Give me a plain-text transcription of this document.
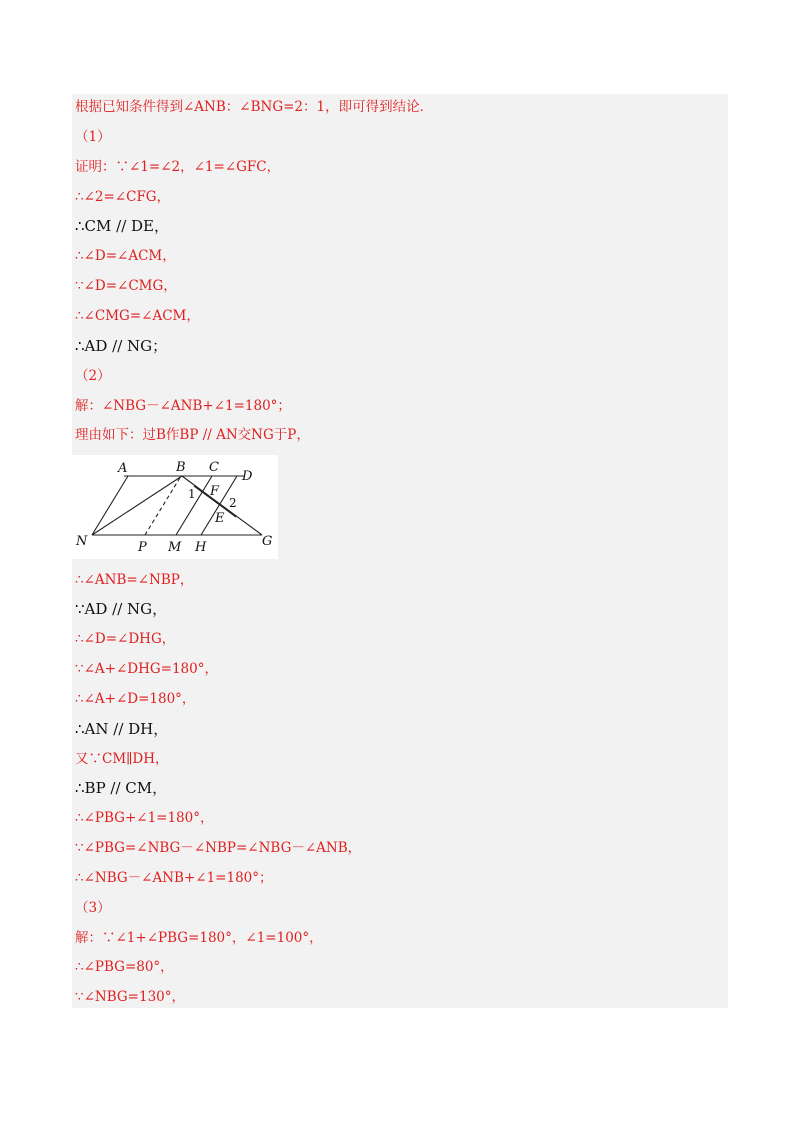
根据已知条件得到∠ANB：∠BNG=2：1，即可得到结论．
（1）
证明：∵∠1=∠2，∠1=∠GFC，
∴∠2=∠CFG，
∴CM // DE，
∴∠D=∠ACM，
∵∠D=∠CMG，
∴∠CMG=∠ACM，
∴AD // NG；
（2）
解：∠NBG－∠ANB+∠1=180°；
理由如下：过B作BP // AN交NG于P，
∴∠ANB=∠NBP，
∵AD // NG，
∴∠D=∠DHG，
∵∠A+∠DHG=180°，
∴∠A+∠D=180°，
∴AN // DH，
又∵CM∥DH，
∴BP // CM，
∴∠PBG+∠1=180°，
∵∠PBG=∠NBG－∠NBP=∠NBG－∠ANB，
∴∠NBG－∠ANB+∠1=180°；
（3）
解：∵∠1+∠PBG=180°，∠1=100°，
∴∠PBG=80°，
∵∠NBG=130°，
A	B C
D
F
E
1
2
N	P M H	G
